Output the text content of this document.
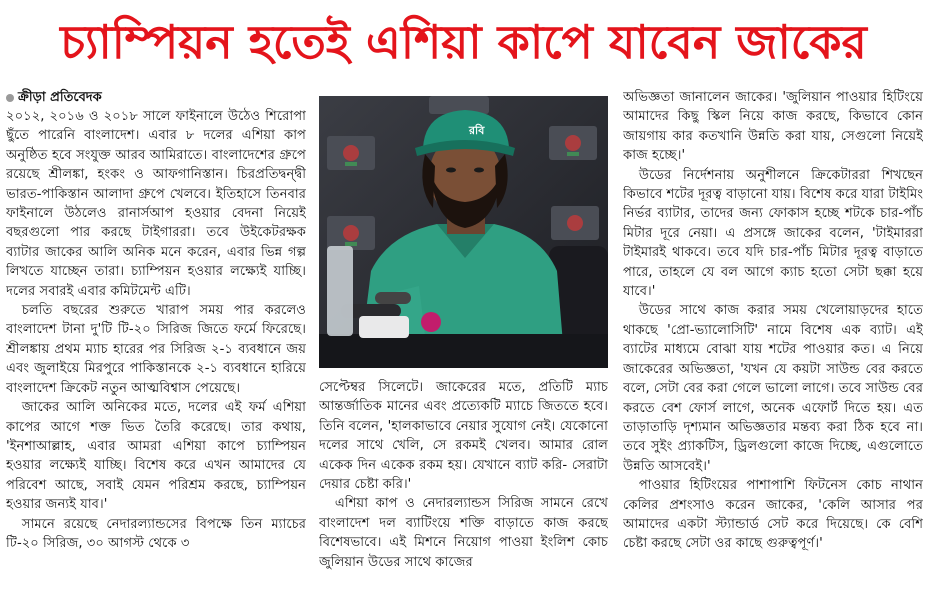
চ্যাম্পিয়ন হতেই এশিয়া কাপে যাবেন জাকের
ক্রীড়া প্রতিবেদক

২০১২, ২০১৬ ও ২০১৮ সালে ফাইনালে উঠেও শিরোপা ছুঁতে পারেনি বাংলাদেশ। এবার ৮ দলের এশিয়া কাপ অনুষ্ঠিত হবে সংযুক্ত আরব আমিরাতে। বাংলাদেশের গ্রুপে রয়েছে শ্রীলঙ্কা, হংকং ও আফগানিস্তান। চিরপ্রতিদ্বন্দ্বী ভারত-পাকিস্তান আলাদা গ্রুপে খেলবে। ইতিহাসে তিনবার ফাইনালে উঠলেও রানার্সআপ হওয়ার বেদনা নিয়েই বছরগুলো পার করছে টাইগাররা। তবে উইকেটরক্ষক ব্যাটার জাকের আলি অনিক মনে করেন, এবার ভিন্ন গল্প লিখতে যাচ্ছেন তারা। চ্যাম্পিয়ন হওয়ার লক্ষ্যেই যাচ্ছি। দলের সবারই এবার কমিটমেন্ট এটি।

চলতি বছরের শুরুতে খারাপ সময় পার করলেও বাংলাদেশ টানা দু'টি টি-২০ সিরিজ জিতে ফর্মে ফিরেছে। শ্রীলঙ্কায় প্রথম ম্যাচ হারের পর সিরিজ ২-১ ব্যবধানে জয় এবং জুলাইয়ে মিরপুরে পাকিস্তানকে ২-১ ব্যবধানে হারিয়ে বাংলাদেশ ক্রিকেট নতুন আত্মবিশ্বাস পেয়েছে।

জাকের আলি অনিকের মতে, দলের এই ফর্ম এশিয়া কাপের আগে শক্ত ভিত তৈরি করেছে। তার কথায়, 'ইনশাআল্লাহ, এবার আমরা এশিয়া কাপে চ্যাম্পিয়ন হওয়ার লক্ষ্যেই যাচ্ছি। বিশেষ করে এখন আমাদের যে পরিবেশ আছে, সবাই যেমন পরিশ্রম করছে, চ্যাম্পিয়ন হওয়ার জন্যই যাব।'

সামনে রয়েছে নেদারল্যান্ডসের বিপক্ষে তিন ম্যাচের টি-২০ সিরিজ, ৩০ আগস্ট থেকে ৩

রবি

সেপ্টেম্বর সিলেটে। জাকেরের মতে, প্রতিটি ম্যাচ আন্তর্জাতিক মানের এবং প্রত্যেকটি ম্যাচে জিততে হবে। তিনি বলেন, 'হালকাভাবে নেয়ার সুযোগ নেই। যেকোনো দলের সাথে খেলি, সে রকমই খেলব। আমার রোল একেক দিন একেক রকম হয়। যেখানে ব্যাট করি- সেরাটা দেয়ার চেষ্টা করি।'

এশিয়া কাপ ও নেদারল্যান্ডস সিরিজ সামনে রেখে বাংলাদেশ দল ব্যাটিংয়ে শক্তি বাড়াতে কাজ করছে বিশেষভাবে। এই মিশনে নিয়োগ পাওয়া ইংলিশ কোচ জুলিয়ান উডের সাথে কাজের

অভিজ্ঞতা জানালেন জাকের। 'জুলিয়ান পাওয়ার হিটিংয়ে আমাদের কিছু স্কিল নিয়ে কাজ করছে, কিভাবে কোন জায়গায় কার কতখানি উন্নতি করা যায়, সেগুলো নিয়েই কাজ হচ্ছে।'

উডের নির্দেশনায় অনুশীলনে ক্রিকেটাররা শিখছেন কিভাবে শটের দূরত্ব বাড়ানো যায়। বিশেষ করে যারা টাইমিং নির্ভর ব্যাটার, তাদের জন্য ফোকাস হচ্ছে শটকে চার-পাঁচ মিটার দূরে নেয়া। এ প্রসঙ্গে জাকের বলেন, 'টাইমাররা টাইমারই থাকবে। তবে যদি চার-পাঁচ মিটার দূরত্ব বাড়াতে পারে, তাহলে যে বল আগে ক্যাচ হতো সেটা ছক্কা হয়ে যাবে।'

উডের সাথে কাজ করার সময় খেলোয়াড়দের হাতে থাকছে 'প্রো-ভ্যালোসিটি' নামে বিশেষ এক ব্যাট। এই ব্যাটের মাধ্যমে বোঝা যায় শটের পাওয়ার কত। এ নিয়ে জাকেরের অভিজ্ঞতা, 'যখন যে কয়টা সাউন্ড বের করতে বলে, সেটা বের করা গেলে ভালো লাগে। তবে সাউন্ড বের করতে বেশ ফোর্স লাগে, অনেক এফোর্ট দিতে হয়। এত তাড়াতাড়ি দৃশ্যমান অভিজ্ঞতার মন্তব্য করা ঠিক হবে না। তবে সুইং প্র্যাকটিস, ড্রিলগুলো কাজে দিচ্ছে, এগুলোতে উন্নতি আসবেই।'

পাওয়ার হিটিংয়ের পাশাপাশি ফিটনেস কোচ নাথান কেলির প্রশংসাও করেন জাকের, 'কেলি আসার পর আমাদের একটা স্ট্যান্ডার্ড সেট করে দিয়েছে। কে বেশি চেষ্টা করছে সেটা ওর কাছে গুরুত্বপূর্ণ।'
